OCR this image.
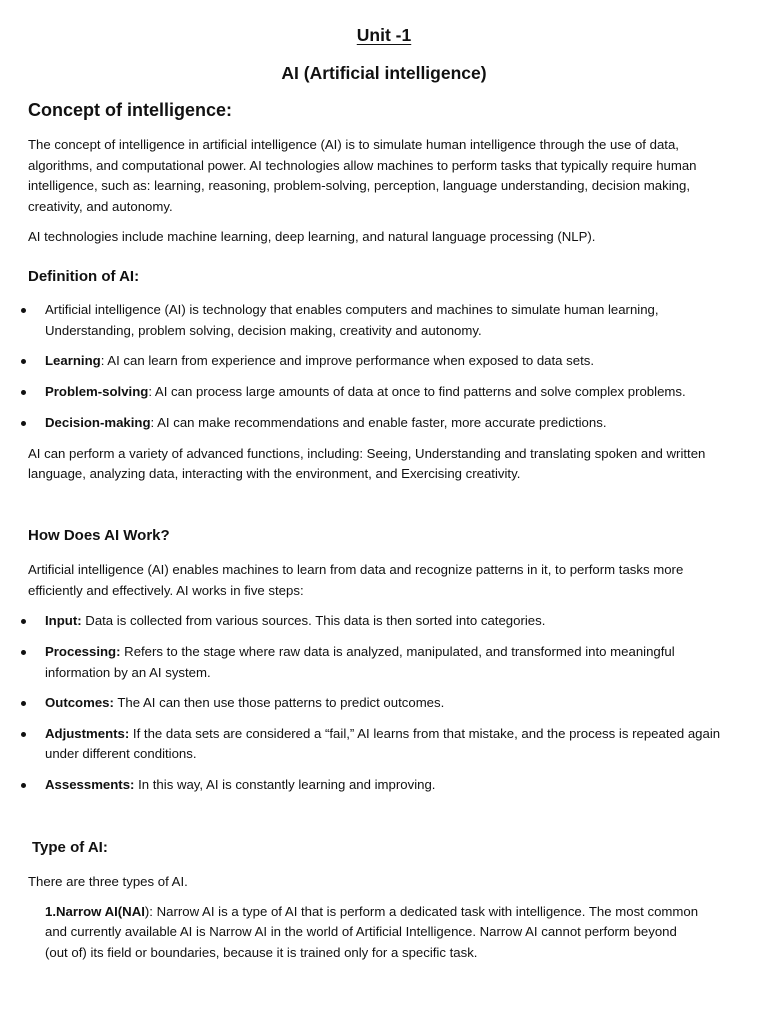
Unit -1
AI (Artificial intelligence)
Concept of intelligence:
The concept of intelligence in artificial intelligence (AI) is to simulate human intelligence through the use of data,
algorithms, and computational power. AI technologies allow machines to perform tasks that typically require human
intelligence, such as: learning, reasoning, problem-solving, perception, language understanding, decision making,
creativity, and autonomy.
AI technologies include machine learning, deep learning, and natural language processing (NLP).
Definition of AI:
Artificial intelligence (AI) is technology that enables computers and machines to simulate human learning,
Understanding, problem solving, decision making, creativity and autonomy.
Learning: AI can learn from experience and improve performance when exposed to data sets.
Problem-solving: AI can process large amounts of data at once to find patterns and solve complex problems.
Decision-making: AI can make recommendations and enable faster, more accurate predictions.
AI can perform a variety of advanced functions, including: Seeing, Understanding and translating spoken and written
language, analyzing data, interacting with the environment, and Exercising creativity.
How Does AI Work?
Artificial intelligence (AI) enables machines to learn from data and recognize patterns in it, to perform tasks more
efficiently and effectively. AI works in five steps:
Input: Data is collected from various sources. This data is then sorted into categories.
Processing: Refers to the stage where raw data is analyzed, manipulated, and transformed into meaningful
information by an AI system.
Outcomes: The AI can then use those patterns to predict outcomes.
Adjustments: If the data sets are considered a “fail,” AI learns from that mistake, and the process is repeated again
under different conditions.
Assessments: In this way, AI is constantly learning and improving.
Type of AI:
There are three types of AI.
1.Narrow AI(NAI): Narrow AI is a type of AI that is perform a dedicated task with intelligence. The most common
and currently available AI is Narrow AI in the world of Artificial Intelligence. Narrow AI cannot perform beyond
(out of) its field or boundaries, because it is trained only for a specific task.
